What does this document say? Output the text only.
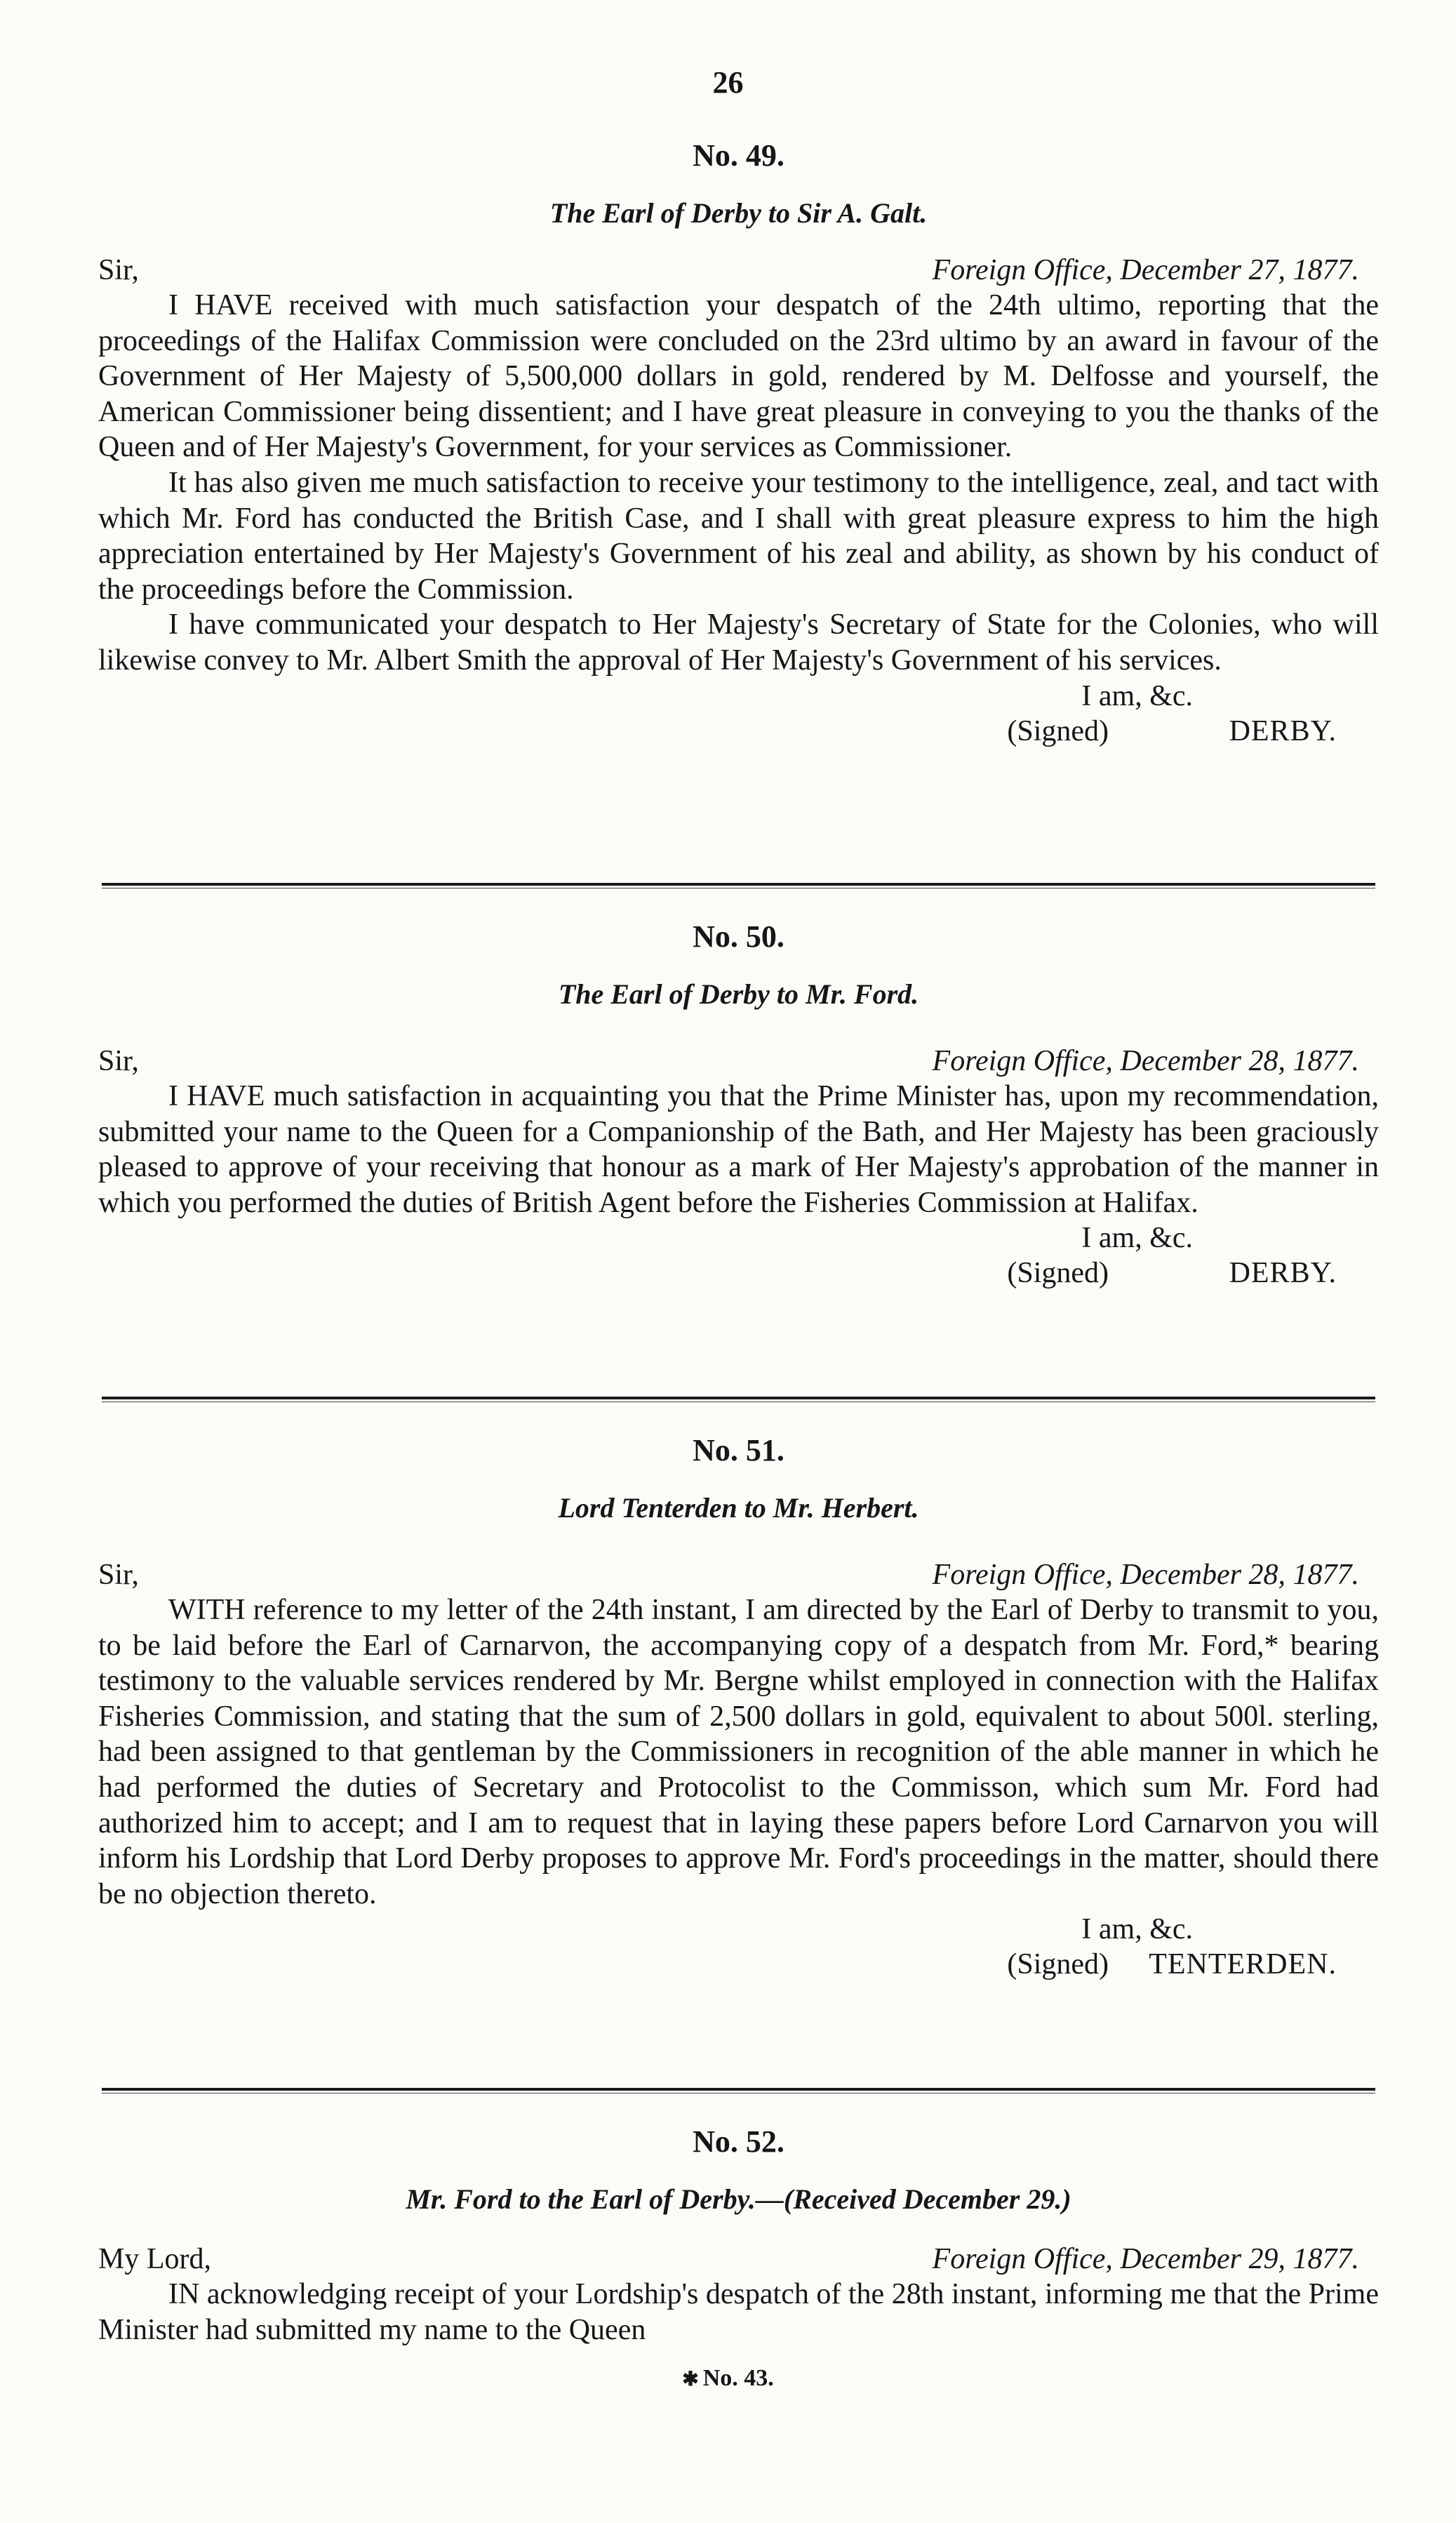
26
No. 49.
The Earl of Derby to Sir A. Galt.
Sir,	Foreign Office, December 27, 1877.

I HAVE received with much satisfaction your despatch of the 24th ultimo, reporting that the proceedings of the Halifax Commission were concluded on the 23rd ultimo by an award in favour of the Government of Her Majesty of 5,500,000 dollars in gold, rendered by M. Delfosse and yourself, the American Commissioner being dissentient; and I have great pleasure in conveying to you the thanks of the Queen and of Her Majesty's Government, for your services as Commissioner.

It has also given me much satisfaction to receive your testimony to the intelligence, zeal, and tact with which Mr. Ford has conducted the British Case, and I shall with great pleasure express to him the high appreciation entertained by Her Majesty's Government of his zeal and ability, as shown by his conduct of the proceedings before the Commission.

I have communicated your despatch to Her Majesty's Secretary of State for the Colonies, who will likewise convey to Mr. Albert Smith the approval of Her Majesty's Government of his services.

I am, &c.
(Signed)	DERBY.
No. 50.
The Earl of Derby to Mr. Ford.
Sir,	Foreign Office, December 28, 1877.

I HAVE much satisfaction in acquainting you that the Prime Minister has, upon my recommendation, submitted your name to the Queen for a Companionship of the Bath, and Her Majesty has been graciously pleased to approve of your receiving that honour as a mark of Her Majesty's approbation of the manner in which you performed the duties of British Agent before the Fisheries Commission at Halifax.

I am, &c.
(Signed)	DERBY.
No. 51.
Lord Tenterden to Mr. Herbert.
Sir,	Foreign Office, December 28, 1877.

WITH reference to my letter of the 24th instant, I am directed by the Earl of Derby to transmit to you, to be laid before the Earl of Carnarvon, the accompanying copy of a despatch from Mr. Ford,* bearing testimony to the valuable services rendered by Mr. Bergne whilst employed in connection with the Halifax Fisheries Commission, and stating that the sum of 2,500 dollars in gold, equivalent to about 500l. sterling, had been assigned to that gentleman by the Commissioners in recognition of the able manner in which he had performed the duties of Secretary and Protocolist to the Commisson, which sum Mr. Ford had authorized him to accept; and I am to request that in laying these papers before Lord Carnarvon you will inform his Lordship that Lord Derby proposes to approve Mr. Ford's proceedings in the matter, should there be no objection thereto.

I am, &c.
(Signed) TENTERDEN.
No. 52.
Mr. Ford to the Earl of Derby.—(Received December 29.)
My Lord,	Foreign Office, December 29, 1877.

IN acknowledging receipt of your Lordship's despatch of the 28th instant, informing me that the Prime Minister had submitted my name to the Queen

✱ No. 43.
